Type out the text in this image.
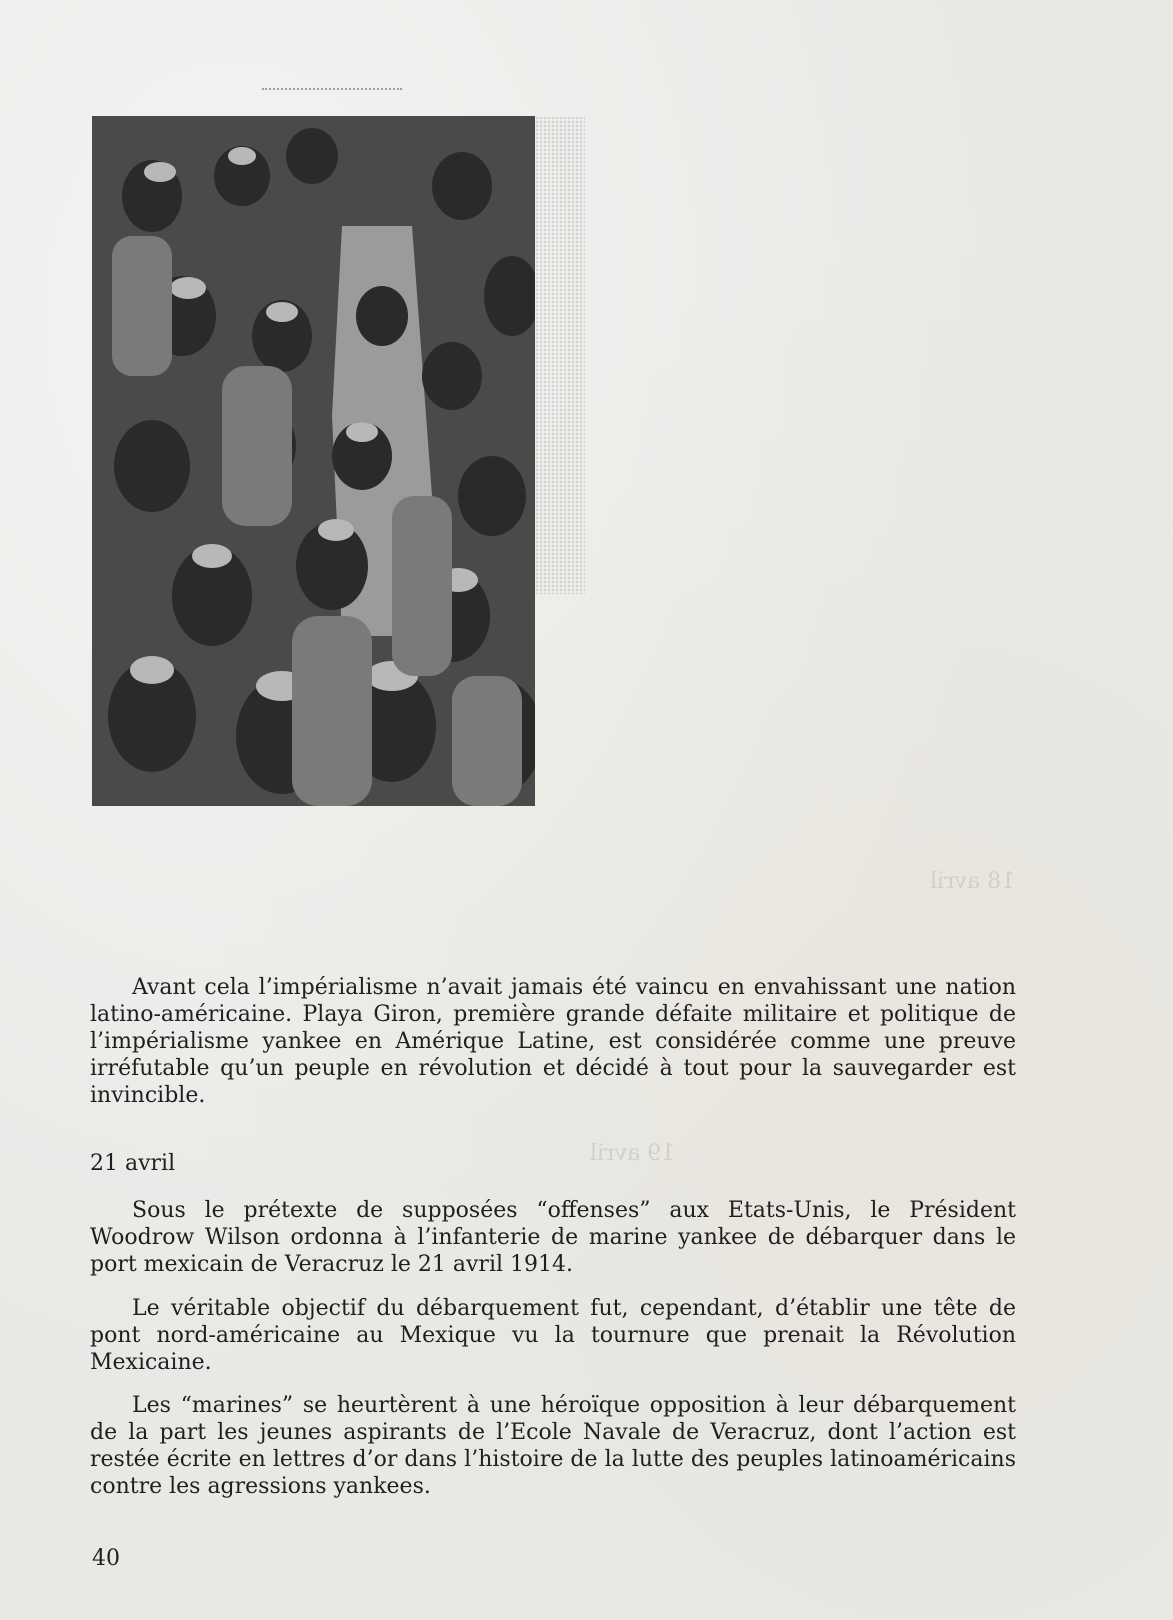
18 avril
19 avril

Avant cela l’impérialisme n’avait jamais été vaincu en envahissant une nation latino-américaine. Playa Giron, première grande défaite militaire et politique de l’impérialisme yankee en Amérique Latine, est considérée comme une preuve irréfutable qu’un peuple en révolution et décidé à tout pour la sauvegarder est invincible.

21 avril

Sous le prétexte de supposées “offenses” aux Etats-Unis, le Président Woodrow Wilson ordonna à l’infanterie de marine yankee de débarquer dans le port mexicain de Veracruz le 21 avril 1914.

Le véritable objectif du débarquement fut, cependant, d’établir une tête de pont nord-américaine au Mexique vu la tournure que prenait la Révolution Mexicaine.

Les “marines” se heurtèrent à une héroïque opposition à leur débarquement de la part les jeunes aspirants de l’Ecole Navale de Veracruz, dont l’action est restée écrite en lettres d’or dans l’histoire de la lutte des peuples latinoaméricains contre les agressions yankees.

40
